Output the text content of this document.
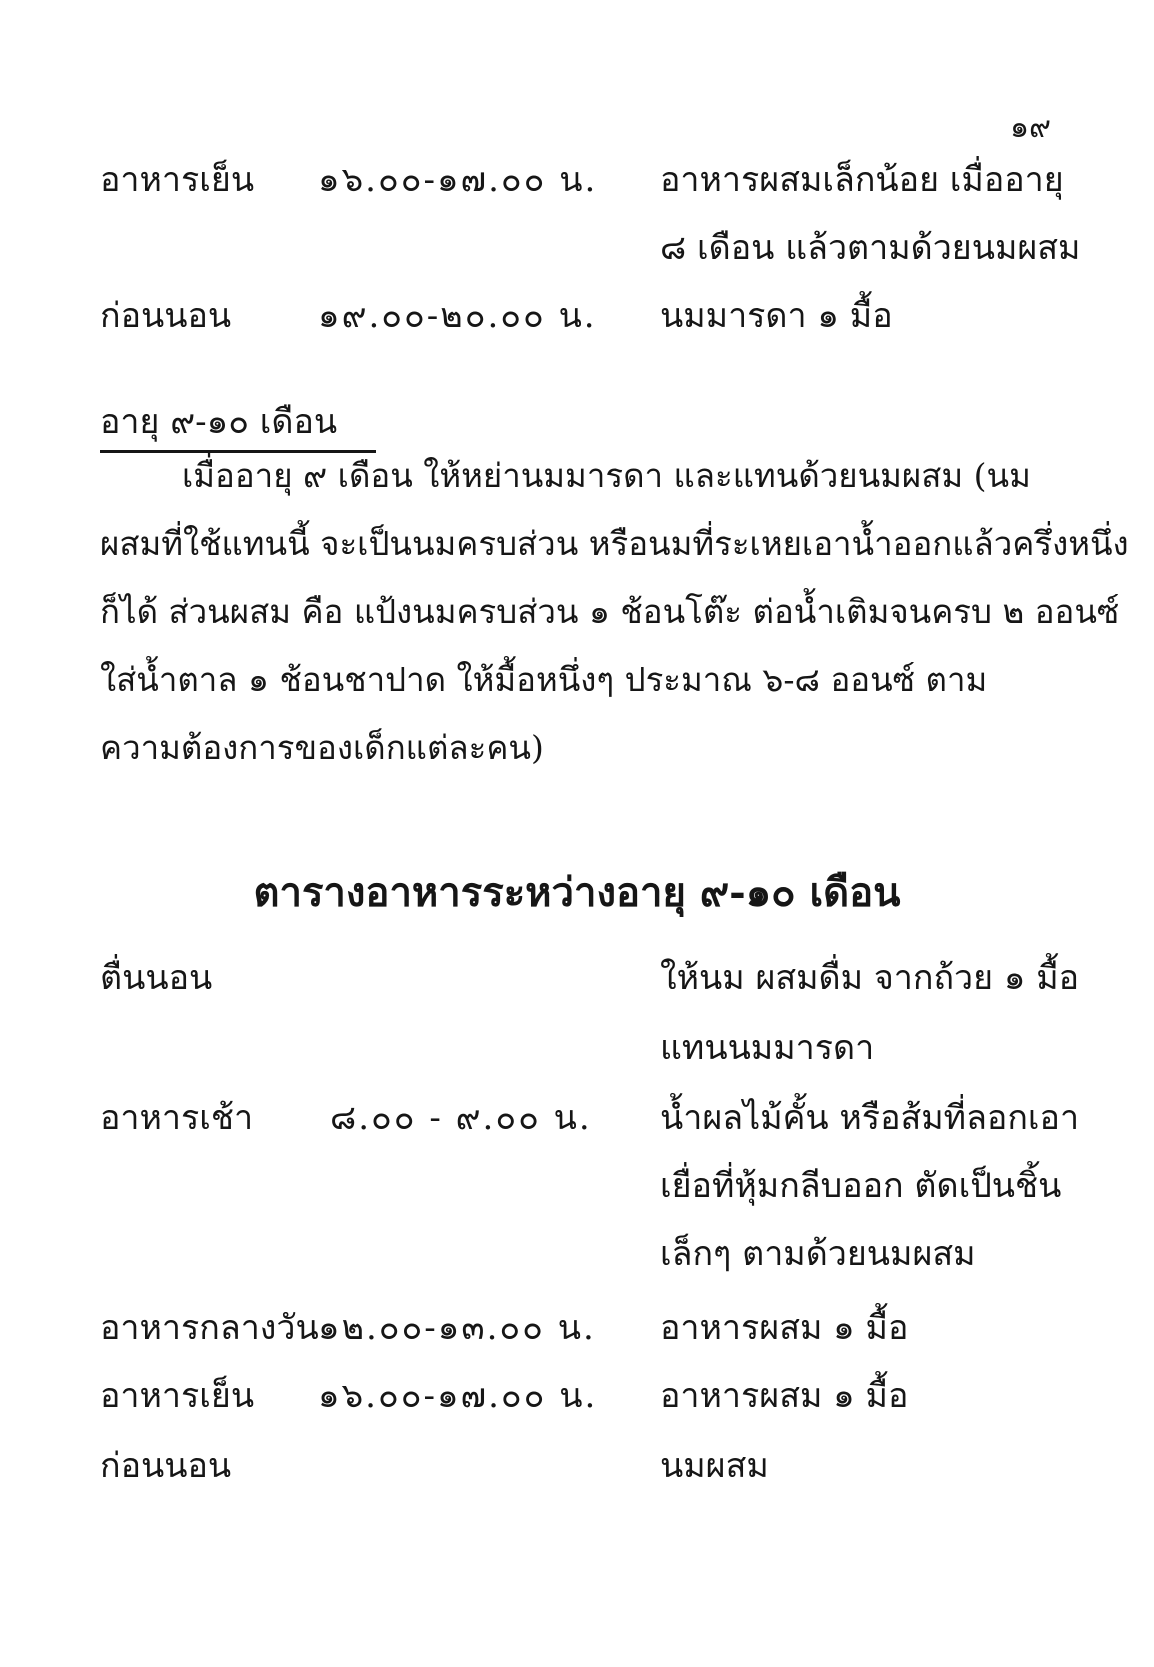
๑๙
อาหารเย็น ๑๖.๐๐-๑๗.๐๐ น. อาหารผสมเล็กน้อย เมื่ออายุ
๘ เดือน แล้วตามด้วยนมผสม
ก่อนนอน	๑๙.๐๐-๒๐.๐๐ น. นมมารดา ๑ มื้อ
อายุ ๙-๑๐ เดือน
เมื่ออายุ ๙ เดือน ให้หย่านมมารดา และแทนด้วยนมผสม (นม
ผสมที่ใช้แทนนี้ จะเป็นนมครบส่วน หรือนมที่ระเหยเอาน้ำออกแล้วครึ่งหนึ่ง
ก็ได้ ส่วนผสม คือ แป้งนมครบส่วน ๑ ช้อนโต๊ะ ต่อน้ำเติมจนครบ ๒ ออนซ์
ใส่น้ำตาล ๑ ช้อนชาปาด ให้มื้อหนึ่งๆ ประมาณ ๖-๘ ออนซ์ ตาม
ความต้องการของเด็กแต่ละคน)
ตารางอาหารระหว่างอายุ ๙-๑๐ เดือน
ตื่นนอน	ให้นม ผสมดื่ม จากถ้วย ๑ มื้อ
แทนนมมารดา
อาหารเช้า ๘.๐๐ - ๙.๐๐ น. น้ำผลไม้คั้น หรือส้มที่ลอกเอา
เยื่อที่หุ้มกลีบออก ตัดเป็นชิ้น
เล็กๆ ตามด้วยนมผสม
อาหารกลางวัน ๑๒.๐๐-๑๓.๐๐ น. อาหารผสม ๑ มื้อ
อาหารเย็น ๑๖.๐๐-๑๗.๐๐ น. อาหารผสม ๑ มื้อ
ก่อนนอน	นมผสม
